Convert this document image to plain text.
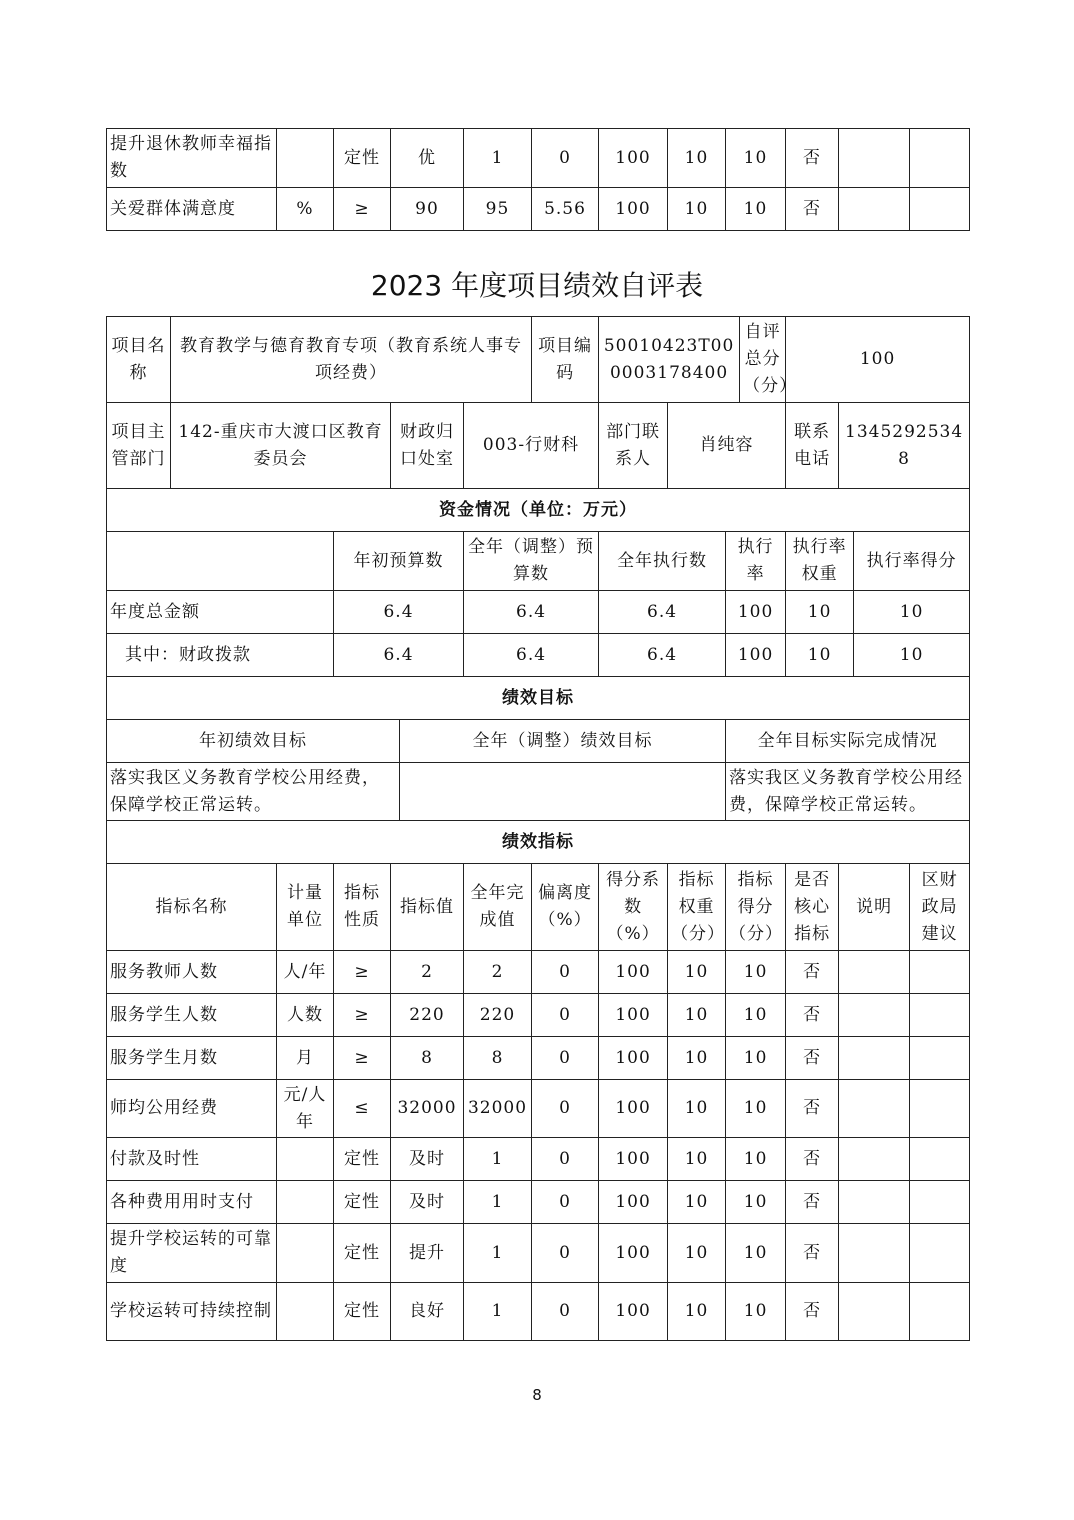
提升退休教师幸福指数		定性	优	1	0	100	10	10	否		
关爱群体满意度	%	≥	90	95	5.56	100	10	10	否		
2023 年度项目绩效自评表
项目名称	教育教学与德育教育专项（教育系统人事专项经费）						项目编码	50010423T000003178400			自评总分（分）	100			
项目主管部门	142-重庆市大渡口区教育委员会			财政归口处室		003-行财科		部门联系人	肖纯容			联系电话	13452925348		
资金情况（单位：万元）															
			年初预算数			全年（调整）预算数		全年执行数		执行率		执行率权重		执行率得分	
年度总金额			6.4			6.4		6.4		100		10		10	
其中：财政拨款			6.4			6.4		6.4		100		10		10	
绩效目标															
年初绩效目标					全年（调整）绩效目标					全年目标实际完成情况					
落实我区义务教育学校公用经费，保障学校正常运转。										落实我区义务教育学校公用经费，保障学校正常运转。					
绩效指标															
指标名称		计量单位	指标性质	指标值		全年完成值	偏离度（%）	得分系数（%）	指标权重（分）	指标得分（分）		是否核心指标	说明		区财政局建议
服务教师人数		人/年	≥	2		2	0	100	10	10		否			
服务学生人数		人数	≥	220		220	0	100	10	10		否			
服务学生月数		月	≥	8		8	0	100	10	10		否			
师均公用经费		元/人年	≤	32000		32000	0	100	10	10		否			
付款及时性			定性	及时		1	0	100	10	10		否			
各种费用用时支付			定性	及时		1	0	100	10	10		否			
提升学校运转的可靠度			定性	提升		1	0	100	10	10		否			
学校运转可持续控制			定性	良好		1	0	100	10	10		否			
8
